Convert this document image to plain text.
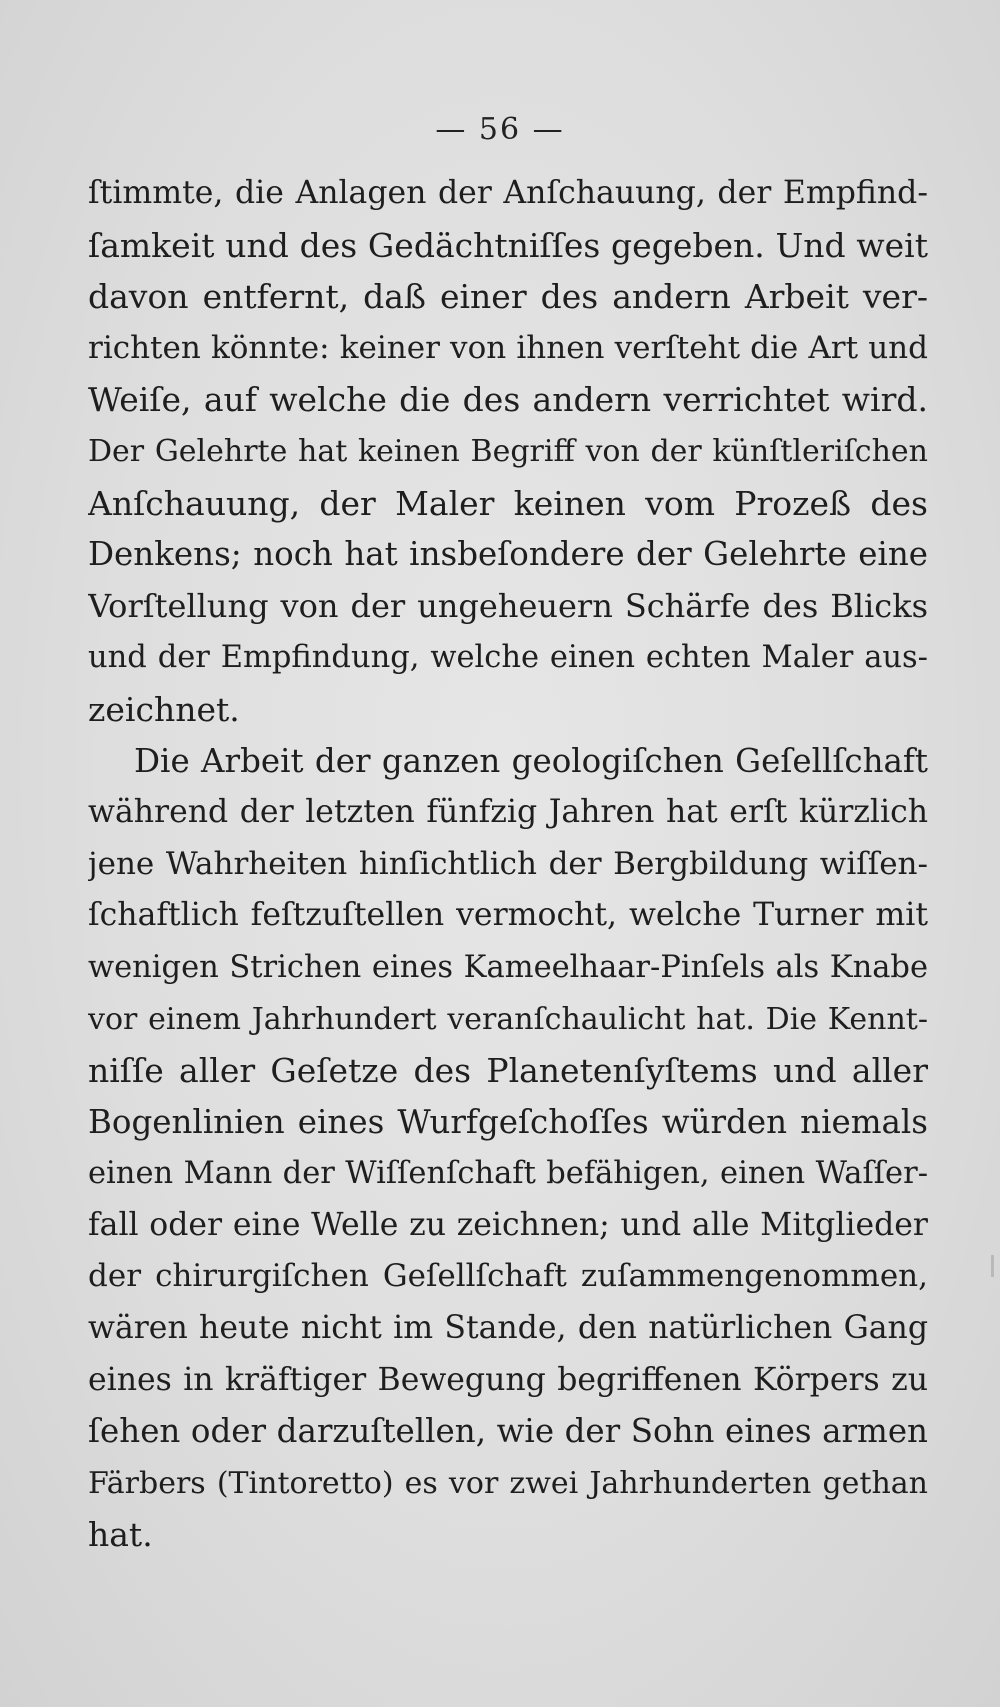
— 56 —
ſtimmte, die Anlagen der Anſchauung, der Empfind-
ſamkeit und des Gedächtniſſes gegeben. Und weit
davon entfernt, daß einer des andern Arbeit ver-
richten könnte: keiner von ihnen verſteht die Art und
Weiſe, auf welche die des andern verrichtet wird.
Der Gelehrte hat keinen Begriff von der künſtleriſchen
Anſchauung, der Maler keinen vom Prozeß des
Denkens; noch hat insbeſondere der Gelehrte eine
Vorſtellung von der ungeheuern Schärfe des Blicks
und der Empfindung, welche einen echten Maler aus-
zeichnet.
Die Arbeit der ganzen geologiſchen Geſellſchaft
während der letzten fünfzig Jahren hat erſt kürzlich
jene Wahrheiten hinſichtlich der Bergbildung wiſſen-
ſchaftlich feſtzuſtellen vermocht, welche Turner mit
wenigen Strichen eines Kameelhaar-Pinſels als Knabe
vor einem Jahrhundert veranſchaulicht hat. Die Kennt-
niſſe aller Geſetze des Planetenſyſtems und aller
Bogenlinien eines Wurfgeſchoſſes würden niemals
einen Mann der Wiſſenſchaft befähigen, einen Waſſer-
fall oder eine Welle zu zeichnen; und alle Mitglieder
der chirurgiſchen Geſellſchaft zuſammengenommen,
wären heute nicht im Stande, den natürlichen Gang
eines in kräftiger Bewegung begriffenen Körpers zu
ſehen oder darzuſtellen, wie der Sohn eines armen
Färbers (Tintoretto) es vor zwei Jahrhunderten gethan
hat.
